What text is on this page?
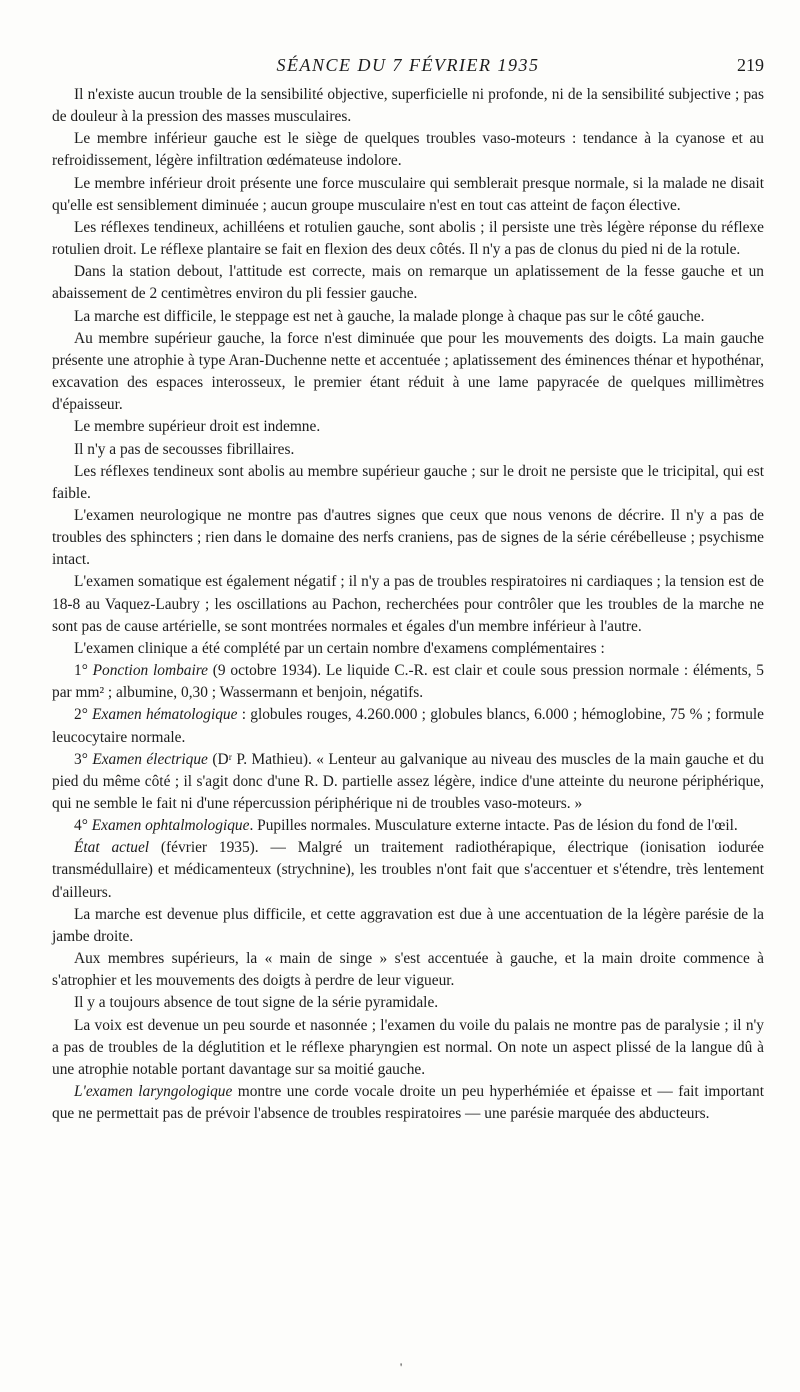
SÉANCE DU 7 FÉVRIER 1935	219

Il n'existe aucun trouble de la sensibilité objective, superficielle ni profonde, ni de la sensibilité subjective ; pas de douleur à la pression des masses musculaires.

Le membre inférieur gauche est le siège de quelques troubles vaso-moteurs : tendance à la cyanose et au refroidissement, légère infiltration œdémateuse indolore.

Le membre inférieur droit présente une force musculaire qui semblerait presque normale, si la malade ne disait qu'elle est sensiblement diminuée ; aucun groupe musculaire n'est en tout cas atteint de façon élective.

Les réflexes tendineux, achilléens et rotulien gauche, sont abolis ; il persiste une très légère réponse du réflexe rotulien droit. Le réflexe plantaire se fait en flexion des deux côtés. Il n'y a pas de clonus du pied ni de la rotule.

Dans la station debout, l'attitude est correcte, mais on remarque un aplatissement de la fesse gauche et un abaissement de 2 centimètres environ du pli fessier gauche.

La marche est difficile, le steppage est net à gauche, la malade plonge à chaque pas sur le côté gauche.

Au membre supérieur gauche, la force n'est diminuée que pour les mouvements des doigts. La main gauche présente une atrophie à type Aran-Duchenne nette et accentuée ; aplatissement des éminences thénar et hypothénar, excavation des espaces interosseux, le premier étant réduit à une lame papyracée de quelques millimètres d'épaisseur.

Le membre supérieur droit est indemne.

Il n'y a pas de secousses fibrillaires.

Les réflexes tendineux sont abolis au membre supérieur gauche ; sur le droit ne persiste que le tricipital, qui est faible.

L'examen neurologique ne montre pas d'autres signes que ceux que nous venons de décrire. Il n'y a pas de troubles des sphincters ; rien dans le domaine des nerfs craniens, pas de signes de la série cérébelleuse ; psychisme intact.

L'examen somatique est également négatif ; il n'y a pas de troubles respiratoires ni cardiaques ; la tension est de 18-8 au Vaquez-Laubry ; les oscillations au Pachon, recherchées pour contrôler que les troubles de la marche ne sont pas de cause artérielle, se sont montrées normales et égales d'un membre inférieur à l'autre.

L'examen clinique a été complété par un certain nombre d'examens complémentaires :

1° Ponction lombaire (9 octobre 1934). Le liquide C.-R. est clair et coule sous pression normale : éléments, 5 par mm² ; albumine, 0,30 ; Wassermann et benjoin, négatifs.

2° Examen hématologique : globules rouges, 4.260.000 ; globules blancs, 6.000 ; hémoglobine, 75 % ; formule leucocytaire normale.

3° Examen électrique (Dʳ P. Mathieu). « Lenteur au galvanique au niveau des muscles de la main gauche et du pied du même côté ; il s'agit donc d'une R. D. partielle assez légère, indice d'une atteinte du neurone périphérique, qui ne semble le fait ni d'une répercussion périphérique ni de troubles vaso-moteurs. »

4° Examen ophtalmologique. Pupilles normales. Musculature externe intacte. Pas de lésion du fond de l'œil.

État actuel (février 1935). — Malgré un traitement radiothérapique, électrique (ionisation iodurée transmédullaire) et médicamenteux (strychnine), les troubles n'ont fait que s'accentuer et s'étendre, très lentement d'ailleurs.

La marche est devenue plus difficile, et cette aggravation est due à une accentuation de la légère parésie de la jambe droite.

Aux membres supérieurs, la « main de singe » s'est accentuée à gauche, et la main droite commence à s'atrophier et les mouvements des doigts à perdre de leur vigueur.

Il y a toujours absence de tout signe de la série pyramidale.

La voix est devenue un peu sourde et nasonnée ; l'examen du voile du palais ne montre pas de paralysie ; il n'y a pas de troubles de la déglutition et le réflexe pharyngien est normal. On note un aspect plissé de la langue dû à une atrophie notable portant davantage sur sa moitié gauche.

L'examen laryngologique montre une corde vocale droite un peu hyperhémiée et épaisse et — fait important que ne permettait pas de prévoir l'absence de troubles respiratoires — une parésie marquée des abducteurs.

'
